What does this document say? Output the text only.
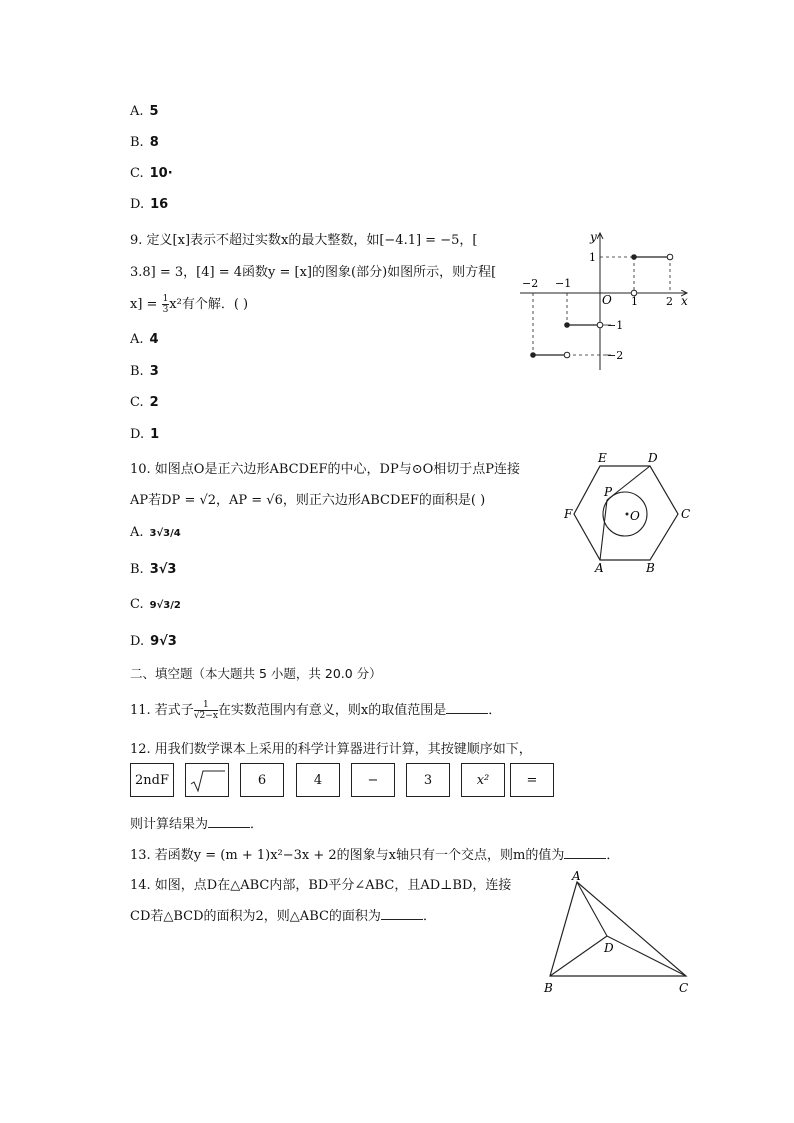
A. 5
B. 8
C. 10·
D. 16
9. 定义[x]表示不超过实数x的最大整数，如[−4.1] = −5，[
3.8] = 3，[4] = 4函数y = [x]的图象(部分)如图所示，则方程[
$x] = \frac{1}{3} x^2$有个解．( )
A. 4
B. 3
C. 2
D. 1
y
x
O
1
1	2
−1
−2
−1
−2
10. 如图点O是正六边形ABCDEF的中心，DP与⊙O相切于点P连接
AP若DP = √2，AP = √6，则正六边形ABCDEF的面积是( )
A. 3√3/4
B. 3√3
C. 9√3/2
D. 9√3
E	D
F	C
A	B
P
O
二、填空题（本大题共 5 小题，共 20.0 分）
11. 若式子 $\frac{1}{√2-x}$ 在实数范围内有意义，则x的取值范围是	．
12. 用我们数学课本上采用的科学计算器进行计算，其按键顺序如下，
2ndF	6	4	−	3	x²	=
则计算结果为	．
13. 若函数y = (m + 1)x²−3x + 2的图象与x轴只有一个交点，则m的值为	．
14. 如图，点D在△ABC内部，BD平分∠ABC，且AD⊥BD，连接
CD若△BCD的面积为2，则△ABC的面积为	．
A
B	C
D
